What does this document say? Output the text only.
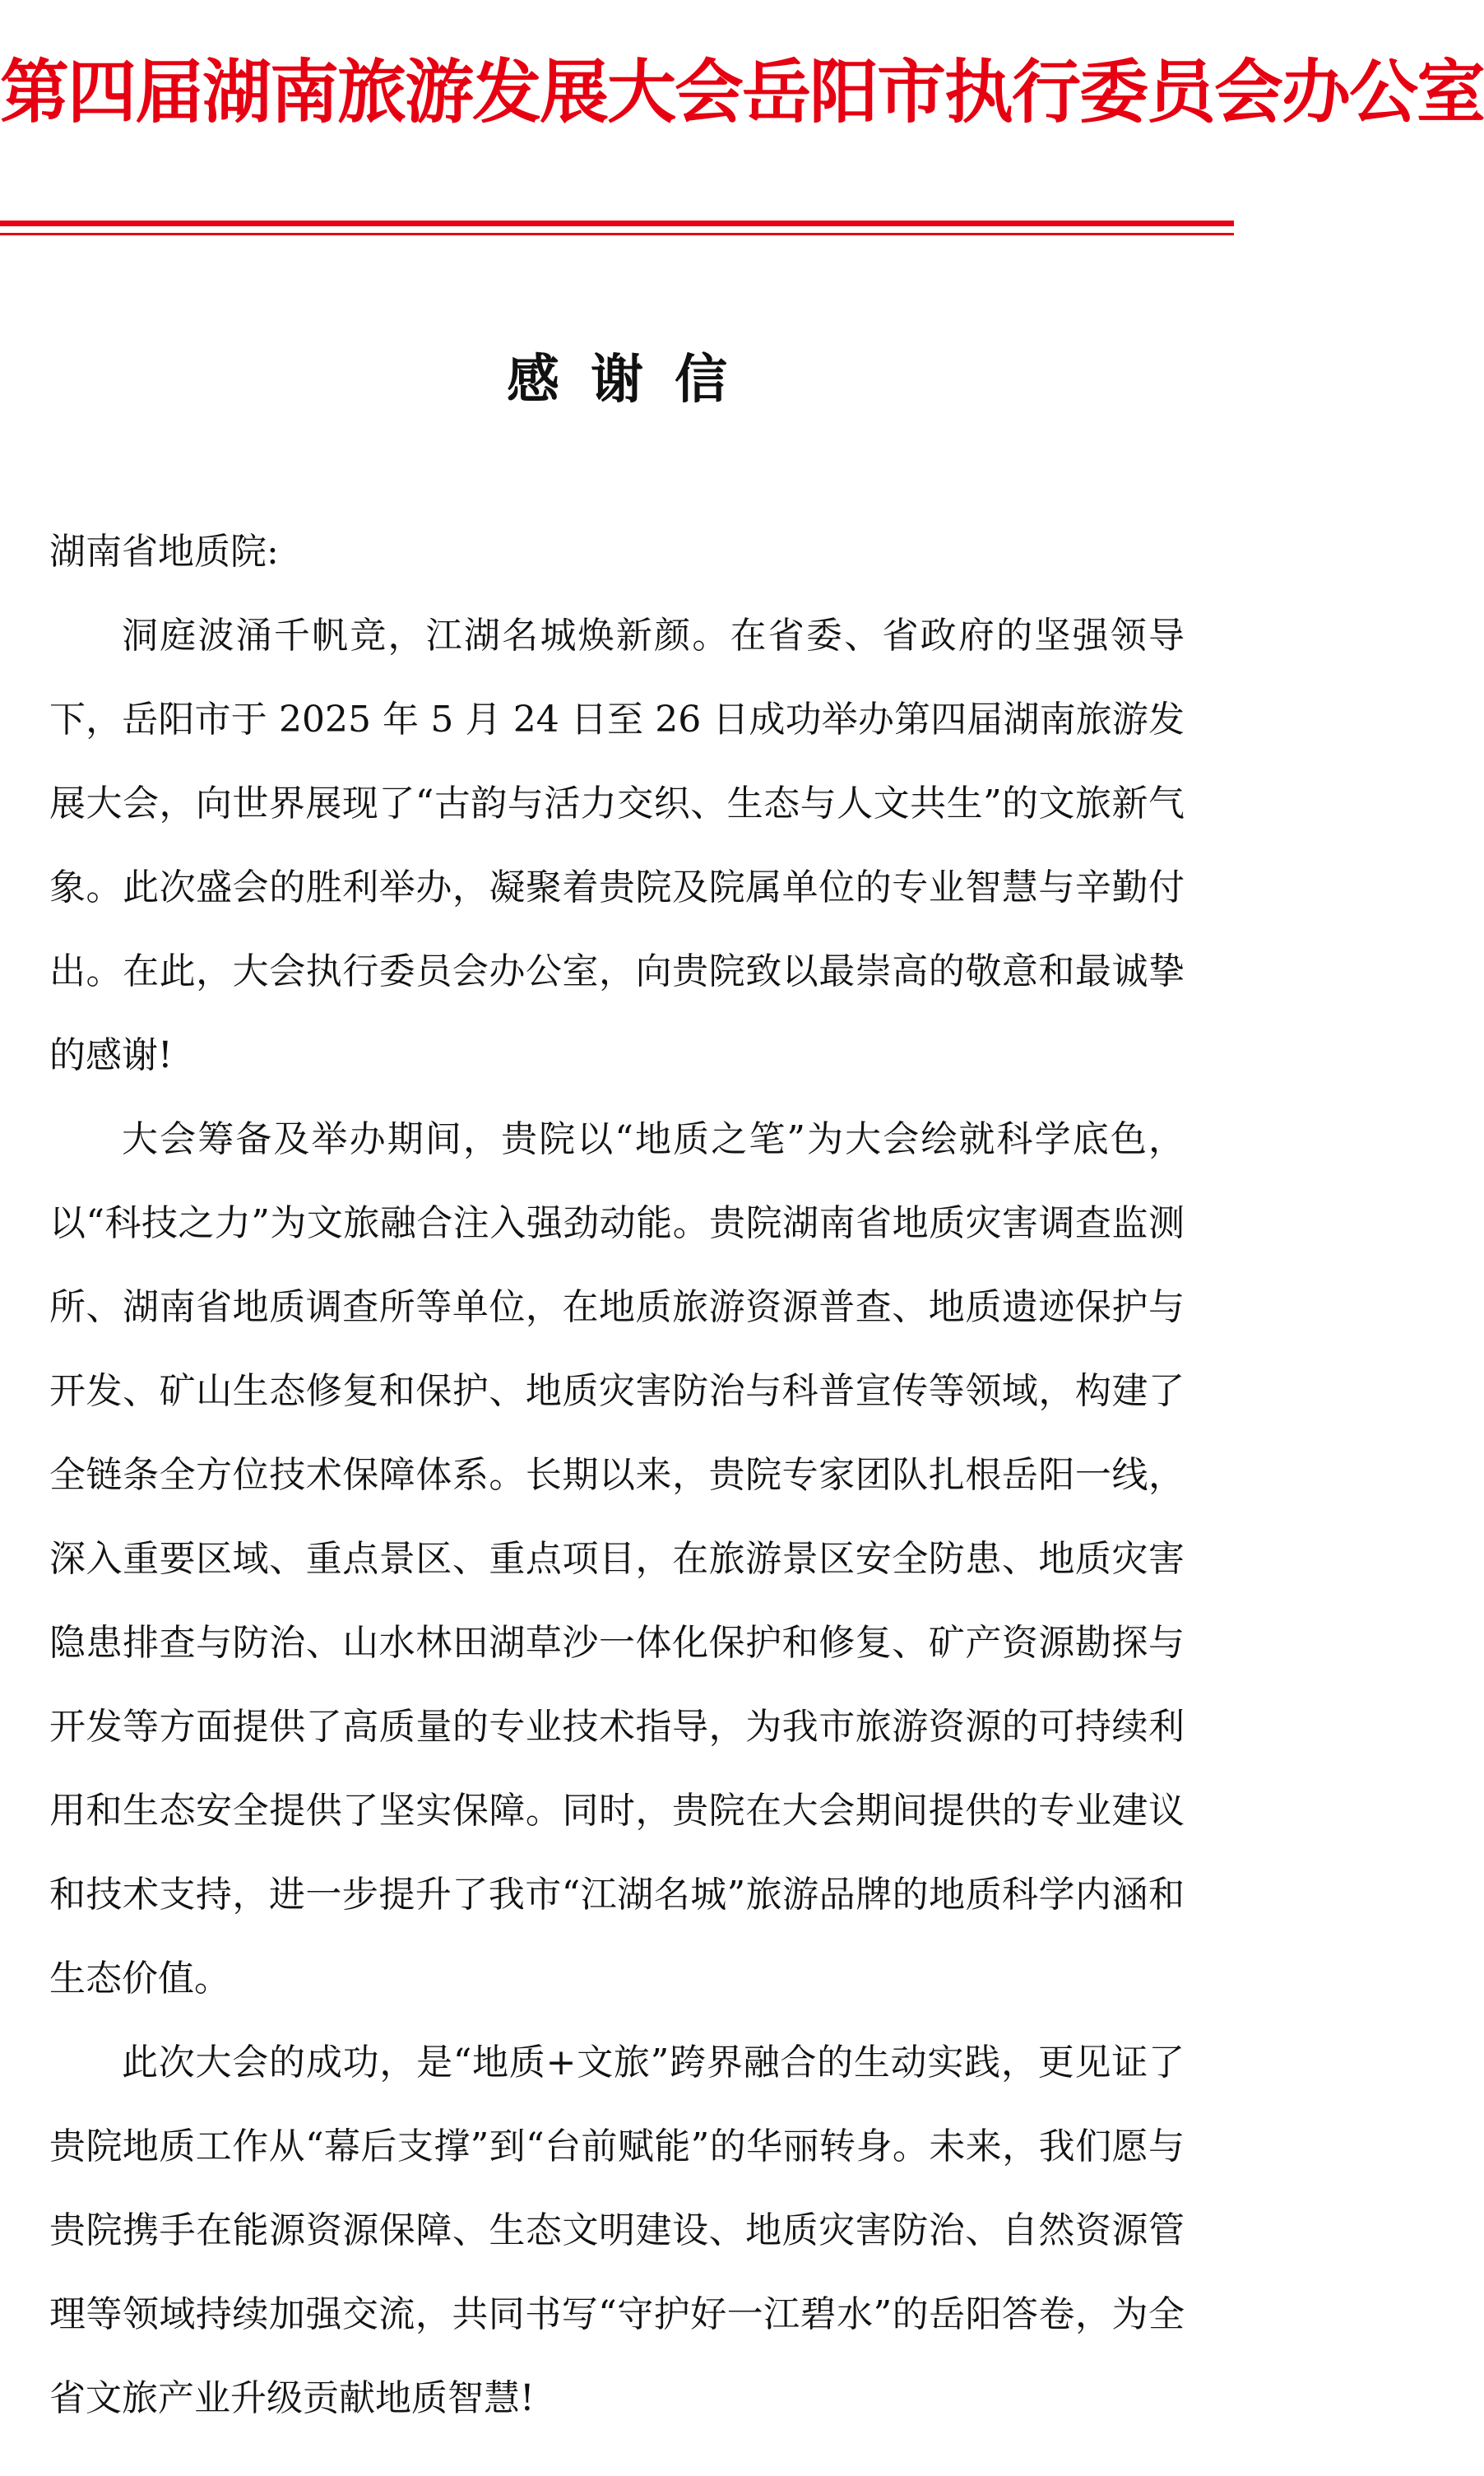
第四届湖南旅游发展大会岳阳市执行委员会办公室
感谢信

湖南省地质院:

洞庭波涌千帆竞，江湖名城焕新颜。在省委、省政府的坚强领导下，岳阳市于 2025 年 5 月 24 日至 26 日成功举办第四届湖南旅游发展大会，向世界展现了“古韵与活力交织、生态与人文共生”的文旅新气象。此次盛会的胜利举办，凝聚着贵院及院属单位的专业智慧与辛勤付出。在此，大会执行委员会办公室，向贵院致以最崇高的敬意和最诚挚的感谢!

大会筹备及举办期间，贵院以“地质之笔”为大会绘就科学底色，以“科技之力”为文旅融合注入强劲动能。贵院湖南省地质灾害调查监测所、湖南省地质调查所等单位，在地质旅游资源普查、地质遗迹保护与开发、矿山生态修复和保护、地质灾害防治与科普宣传等领域，构建了全链条全方位技术保障体系。长期以来，贵院专家团队扎根岳阳一线，深入重要区域、重点景区、重点项目，在旅游景区安全防患、地质灾害隐患排查与防治、山水林田湖草沙一体化保护和修复、矿产资源勘探与开发等方面提供了高质量的专业技术指导，为我市旅游资源的可持续利用和生态安全提供了坚实保障。同时，贵院在大会期间提供的专业建议和技术支持，进一步提升了我市“江湖名城”旅游品牌的地质科学内涵和生态价值。

此次大会的成功，是“地质+文旅”跨界融合的生动实践，更见证了贵院地质工作从“幕后支撑”到“台前赋能”的华丽转身。未来，我们愿与贵院携手在能源资源保障、生态文明建设、地质灾害防治、自然资源管理等领域持续加强交流，共同书写“守护好一江碧水”的岳阳答卷，为全省文旅产业升级贡献地质智慧!
